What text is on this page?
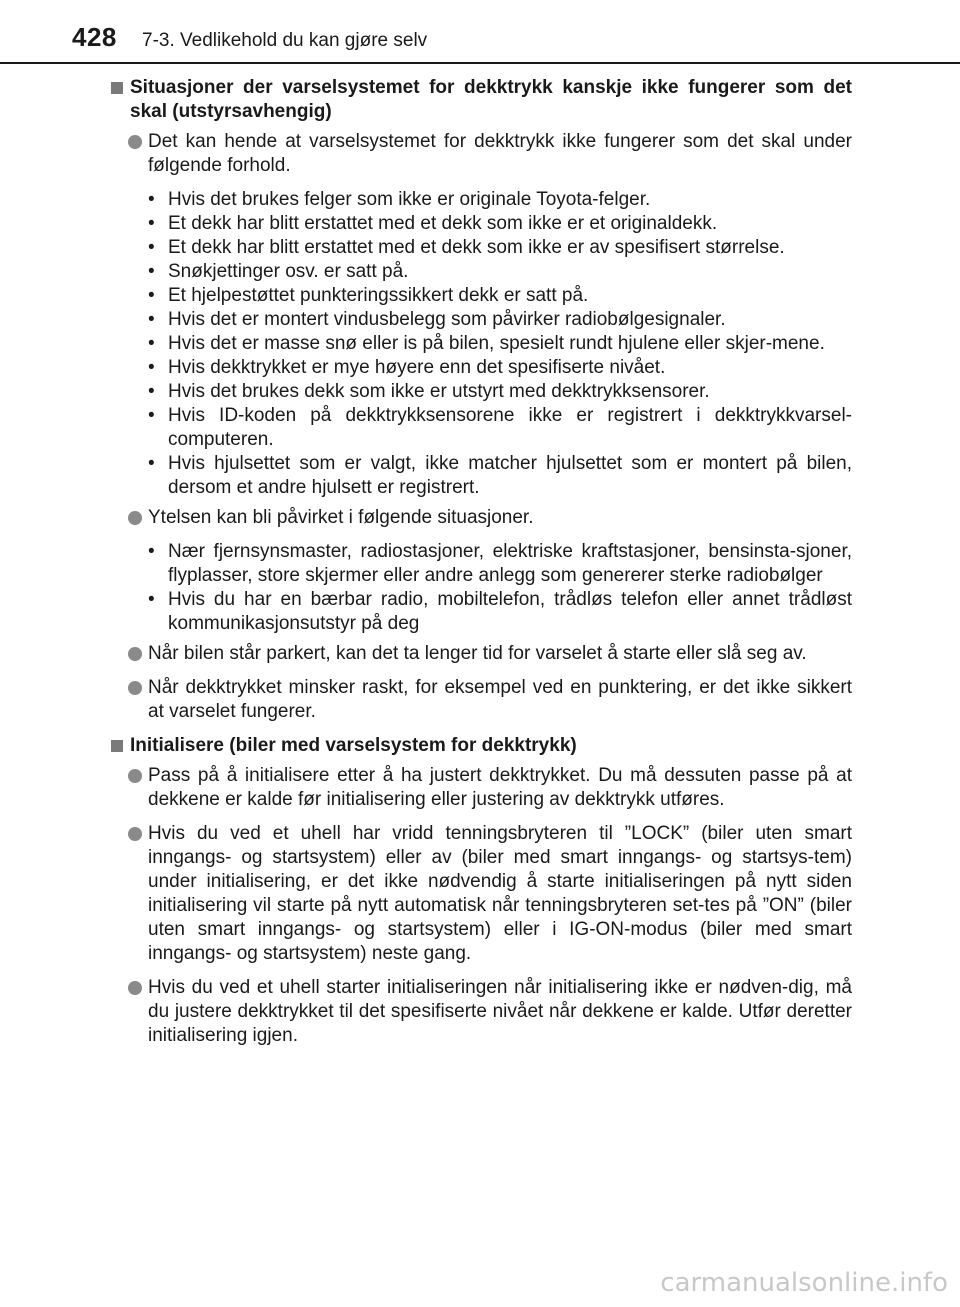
428 7-3. Vedlikehold du kan gjøre selv
Situasjoner der varselsystemet for dekktrykk kanskje ikke fungerer som det skal (utstyrsavhengig)
Det kan hende at varselsystemet for dekktrykk ikke fungerer som det skal under følgende forhold.
• Hvis det brukes felger som ikke er originale Toyota-felger.
• Et dekk har blitt erstattet med et dekk som ikke er et originaldekk.
• Et dekk har blitt erstattet med et dekk som ikke er av spesifisert størrelse.
• Snøkjettinger osv. er satt på.
• Et hjelpestøttet punkteringssikkert dekk er satt på.
• Hvis det er montert vindusbelegg som påvirker radiobølgesignaler.
• Hvis det er masse snø eller is på bilen, spesielt rundt hjulene eller skjer-mene.
• Hvis dekktrykket er mye høyere enn det spesifiserte nivået.
• Hvis det brukes dekk som ikke er utstyrt med dekktrykksensorer.
• Hvis ID-koden på dekktrykksensorene ikke er registrert i dekktrykkvarsel-computeren.
• Hvis hjulsettet som er valgt, ikke matcher hjulsettet som er montert på bilen, dersom et andre hjulsett er registrert.
Ytelsen kan bli påvirket i følgende situasjoner.
• Nær fjernsynsmaster, radiostasjoner, elektriske kraftstasjoner, bensinsta-sjoner, flyplasser, store skjermer eller andre anlegg som genererer sterke radiobølger
• Hvis du har en bærbar radio, mobiltelefon, trådløs telefon eller annet trådløst kommunikasjonsutstyr på deg
Når bilen står parkert, kan det ta lenger tid for varselet å starte eller slå seg av.
Når dekktrykket minsker raskt, for eksempel ved en punktering, er det ikke sikkert at varselet fungerer.
Initialisere (biler med varselsystem for dekktrykk)
Pass på å initialisere etter å ha justert dekktrykket. Du må dessuten passe på at dekkene er kalde før initialisering eller justering av dekktrykk utføres.
Hvis du ved et uhell har vridd tenningsbryteren til ”LOCK” (biler uten smart inngangs- og startsystem) eller av (biler med smart inngangs- og startsys-tem) under initialisering, er det ikke nødvendig å starte initialiseringen på nytt siden initialisering vil starte på nytt automatisk når tenningsbryteren set-tes på ”ON” (biler uten smart inngangs- og startsystem) eller i IG-ON-modus (biler med smart inngangs- og startsystem) neste gang.
Hvis du ved et uhell starter initialiseringen når initialisering ikke er nødven-dig, må du justere dekktrykket til det spesifiserte nivået når dekkene er kalde. Utfør deretter initialisering igjen.
carmanualsonline.info
